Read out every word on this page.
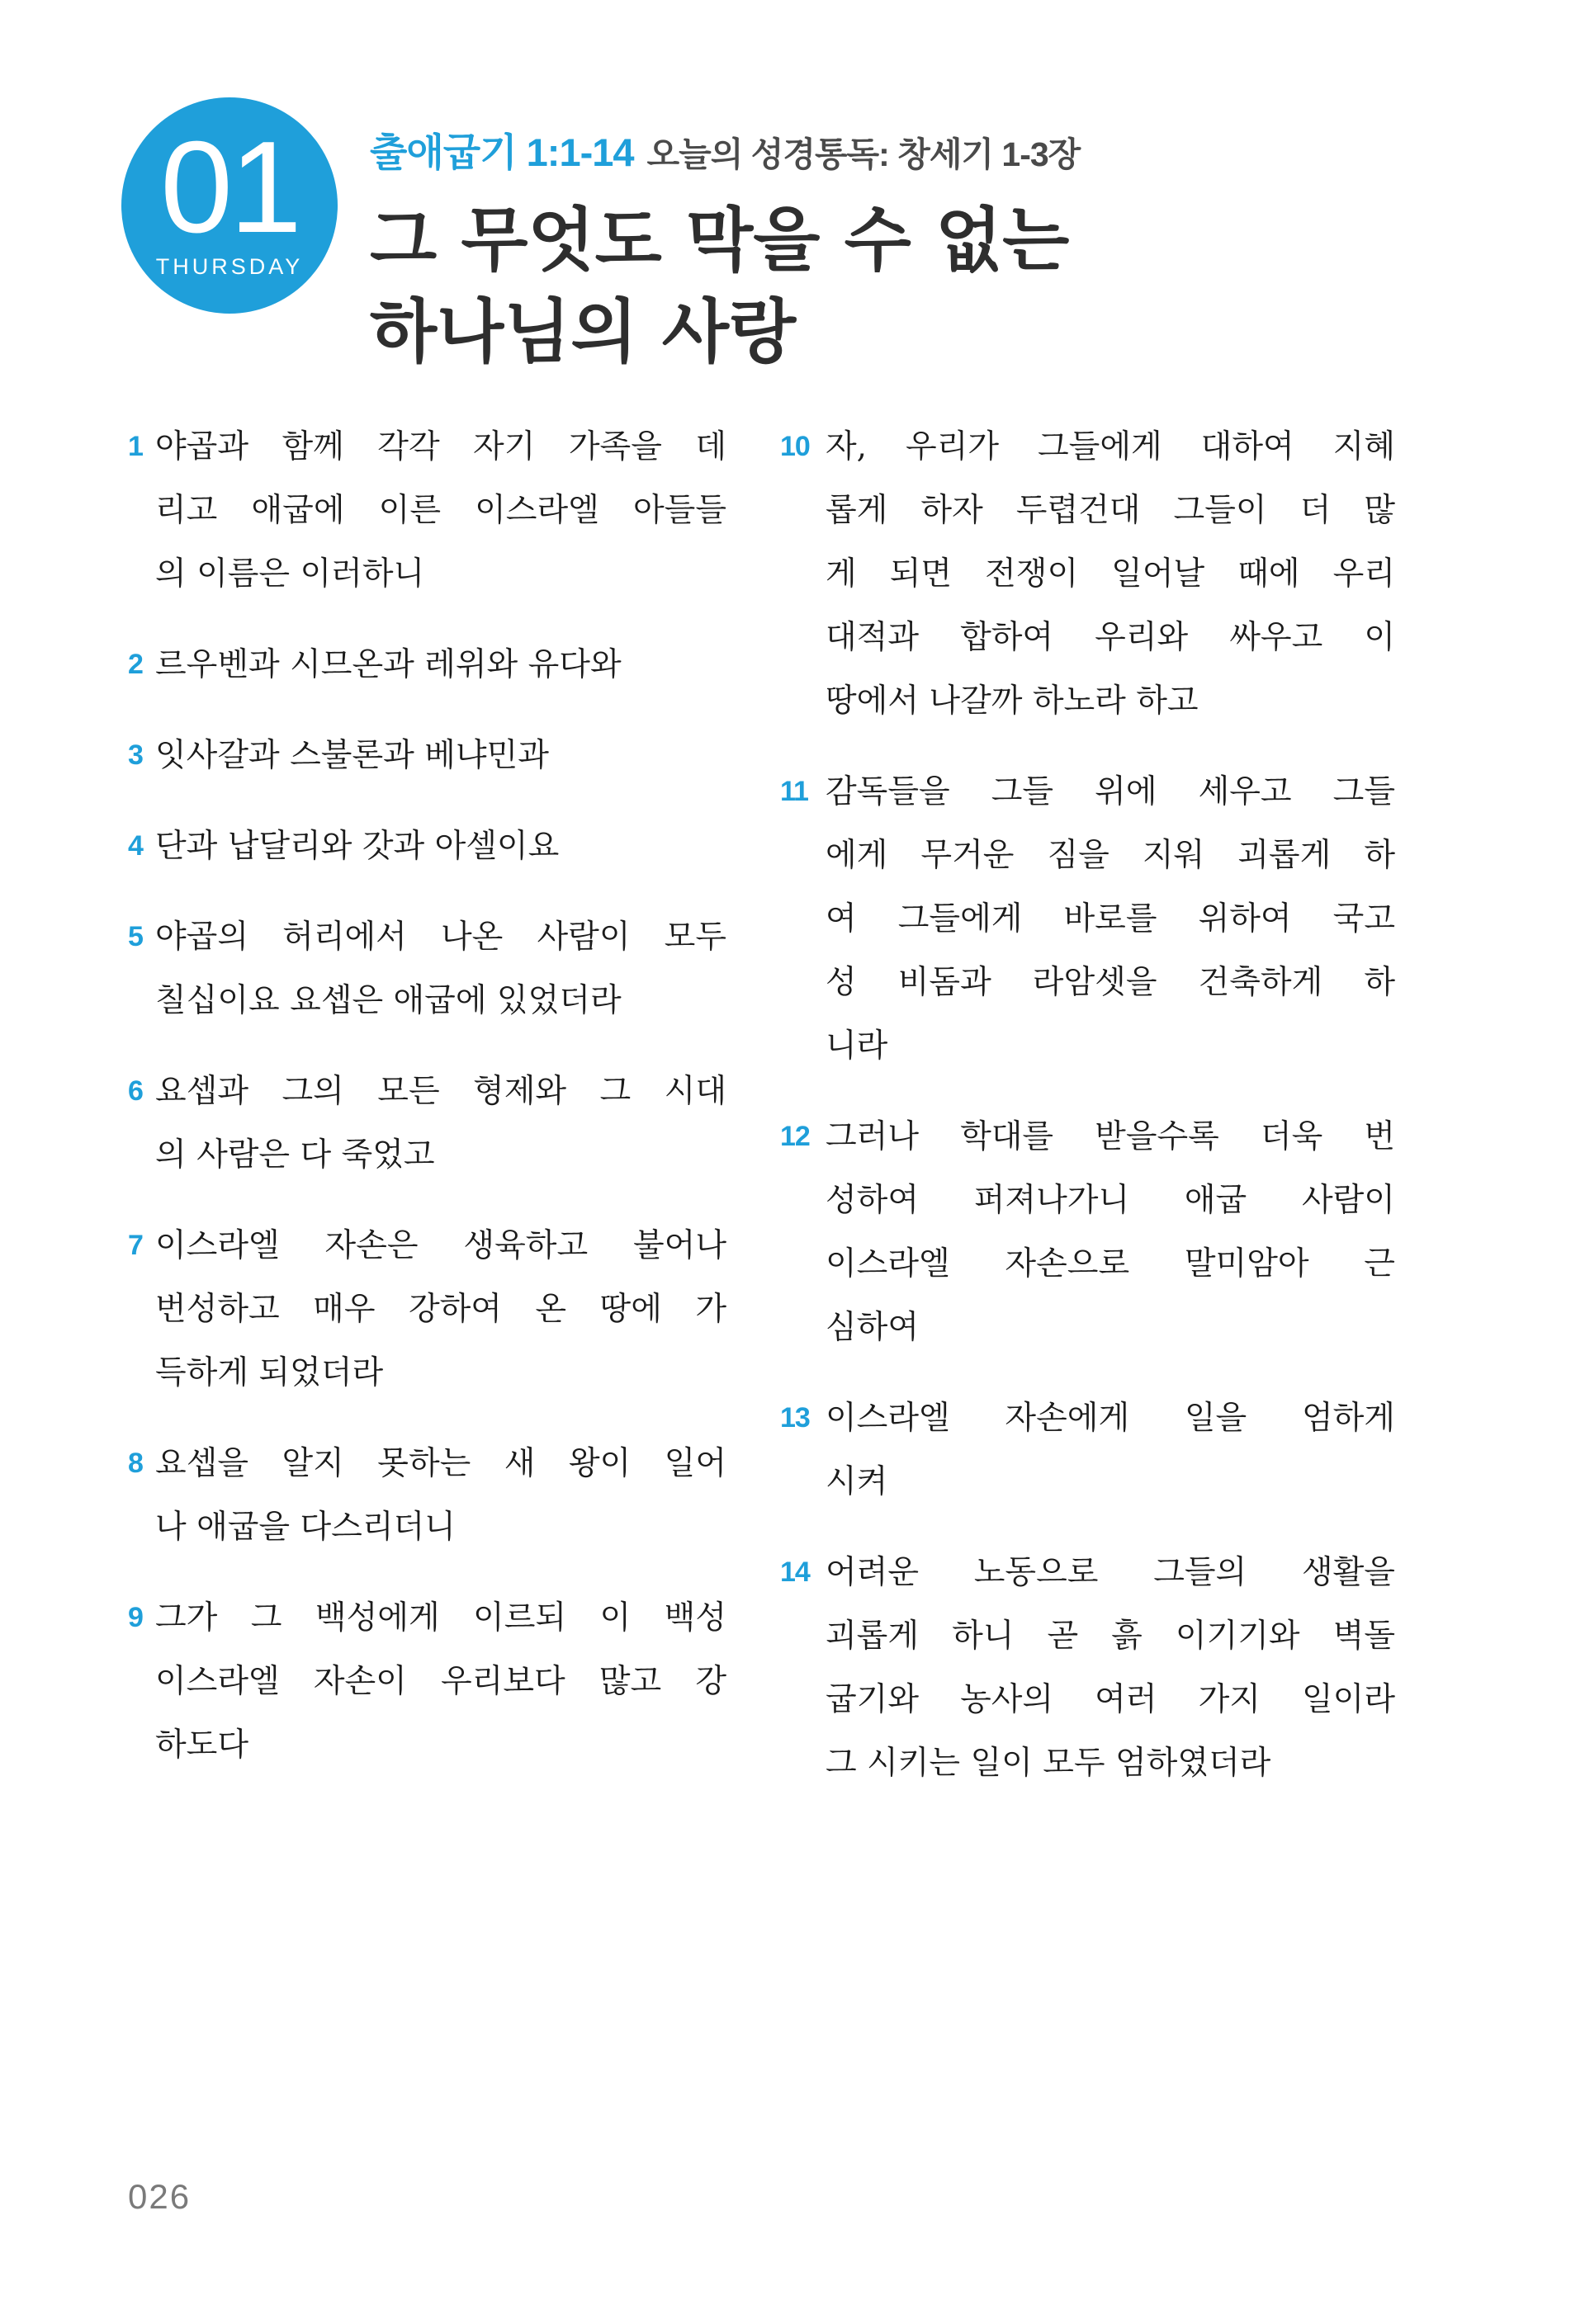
01
THURSDAY
출애굽기 1:1-14 오늘의 성경통독: 창세기 1-3장
그 무엇도 막을 수 없는
하나님의 사랑

1 야곱과 함께 각각 자기 가족을 데
리고 애굽에 이른 이스라엘 아들들
의 이름은 이러하니

2 르우벤과 시므온과 레위와 유다와

3 잇사갈과 스불론과 베냐민과

4 단과 납달리와 갓과 아셀이요

5 야곱의 허리에서 나온 사람이 모두
칠십이요 요셉은 애굽에 있었더라

6 요셉과 그의 모든 형제와 그 시대
의 사람은 다 죽었고

7 이스라엘 자손은 생육하고 불어나
번성하고 매우 강하여 온 땅에 가
득하게 되었더라

8 요셉을 알지 못하는 새 왕이 일어
나 애굽을 다스리더니

9 그가 그 백성에게 이르되 이 백성
이스라엘 자손이 우리보다 많고 강
하도다

10 자, 우리가 그들에게 대하여 지혜
롭게 하자 두렵건대 그들이 더 많
게 되면 전쟁이 일어날 때에 우리
대적과 합하여 우리와 싸우고 이
땅에서 나갈까 하노라 하고

11 감독들을 그들 위에 세우고 그들
에게 무거운 짐을 지워 괴롭게 하
여 그들에게 바로를 위하여 국고
성 비돔과 라암셋을 건축하게 하
니라

12 그러나 학대를 받을수록 더욱 번
성하여 퍼져나가니 애굽 사람이
이스라엘 자손으로 말미암아 근
심하여

13 이스라엘 자손에게 일을 엄하게
시켜

14 어려운 노동으로 그들의 생활을
괴롭게 하니 곧 흙 이기기와 벽돌
굽기와 농사의 여러 가지 일이라
그 시키는 일이 모두 엄하였더라

026
